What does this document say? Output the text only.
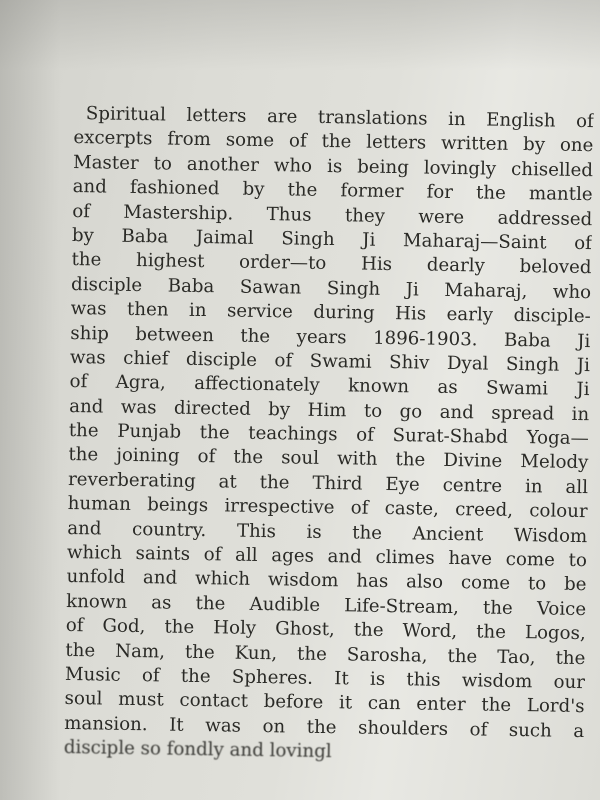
Spiritual letters are translations in English of
excerpts from some of the letters written by one
Master to another who is being lovingly chiselled
and fashioned by the former for the mantle
of Mastership. Thus they were addressed
by Baba Jaimal Singh Ji Maharaj—Saint of
the highest order—to His dearly beloved
disciple Baba Sawan Singh Ji Maharaj, who
was then in service during His early disciple-
ship between the years 1896-1903. Baba Ji
was chief disciple of Swami Shiv Dyal Singh Ji
of Agra, affectionately known as Swami Ji
and was directed by Him to go and spread in
the Punjab the teachings of Surat-Shabd Yoga—
the joining of the soul with the Divine Melody
reverberating at the Third Eye centre in all
human beings irrespective of caste, creed, colour
and country. This is the Ancient Wisdom
which saints of all ages and climes have come to
unfold and which wisdom has also come to be
known as the Audible Life-Stream, the Voice
of God, the Holy Ghost, the Word, the Logos,
the Nam, the Kun, the Sarosha, the Tao, the
Music of the Spheres. It is this wisdom our
soul must contact before it can enter the Lord's
mansion. It was on the shoulders of such a
disciple so fondly and lovingl
